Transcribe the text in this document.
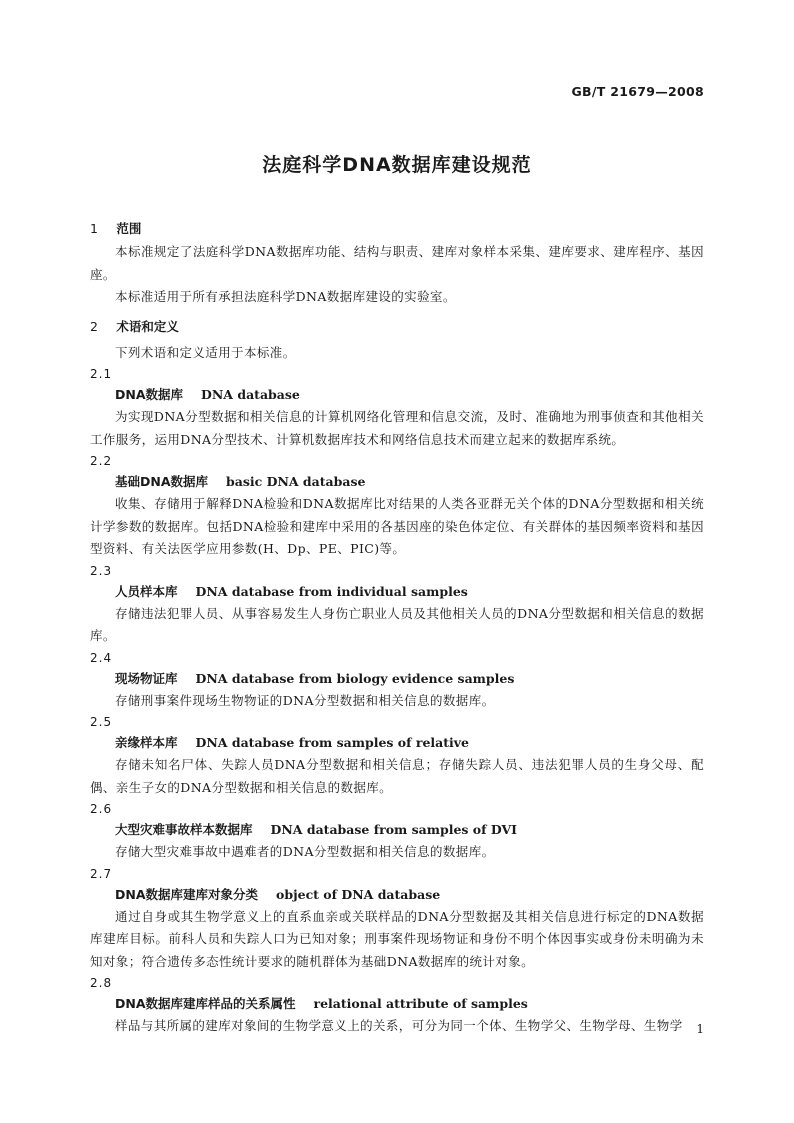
GB/T 21679—2008
法庭科学DNA数据库建设规范
1 范围

本标准规定了法庭科学DNA数据库功能、结构与职责、建库对象样本采集、建库要求、建库程序、基因座。

本标准适用于所有承担法庭科学DNA数据库建设的实验室。

2 术语和定义

下列术语和定义适用于本标准。

2.1
DNA数据库 DNA database

为实现DNA分型数据和相关信息的计算机网络化管理和信息交流，及时、准确地为刑事侦查和其他相关工作服务，运用DNA分型技术、计算机数据库技术和网络信息技术而建立起来的数据库系统。

2.2
基础DNA数据库 basic DNA database

收集、存储用于解释DNA检验和DNA数据库比对结果的人类各亚群无关个体的DNA分型数据和相关统计学参数的数据库。包括DNA检验和建库中采用的各基因座的染色体定位、有关群体的基因频率资料和基因型资料、有关法医学应用参数(H、Dp、PE、PIC)等。

2.3
人员样本库 DNA database from individual samples

存储违法犯罪人员、从事容易发生人身伤亡职业人员及其他相关人员的DNA分型数据和相关信息的数据库。

2.4
现场物证库 DNA database from biology evidence samples

存储刑事案件现场生物物证的DNA分型数据和相关信息的数据库。

2.5
亲缘样本库 DNA database from samples of relative

存储未知名尸体、失踪人员DNA分型数据和相关信息；存储失踪人员、违法犯罪人员的生身父母、配偶、亲生子女的DNA分型数据和相关信息的数据库。

2.6
大型灾难事故样本数据库 DNA database from samples of DVI

存储大型灾难事故中遇难者的DNA分型数据和相关信息的数据库。

2.7
DNA数据库建库对象分类 object of DNA database

通过自身或其生物学意义上的直系血亲或关联样品的DNA分型数据及其相关信息进行标定的DNA数据库建库目标。前科人员和失踪人口为已知对象；刑事案件现场物证和身份不明个体因事实或身份未明确为未知对象；符合遗传多态性统计要求的随机群体为基础DNA数据库的统计对象。

2.8
DNA数据库建库样品的关系属性 relational attribute of samples

样品与其所属的建库对象间的生物学意义上的关系，可分为同一个体、生物学父、生物学母、生物学	1
